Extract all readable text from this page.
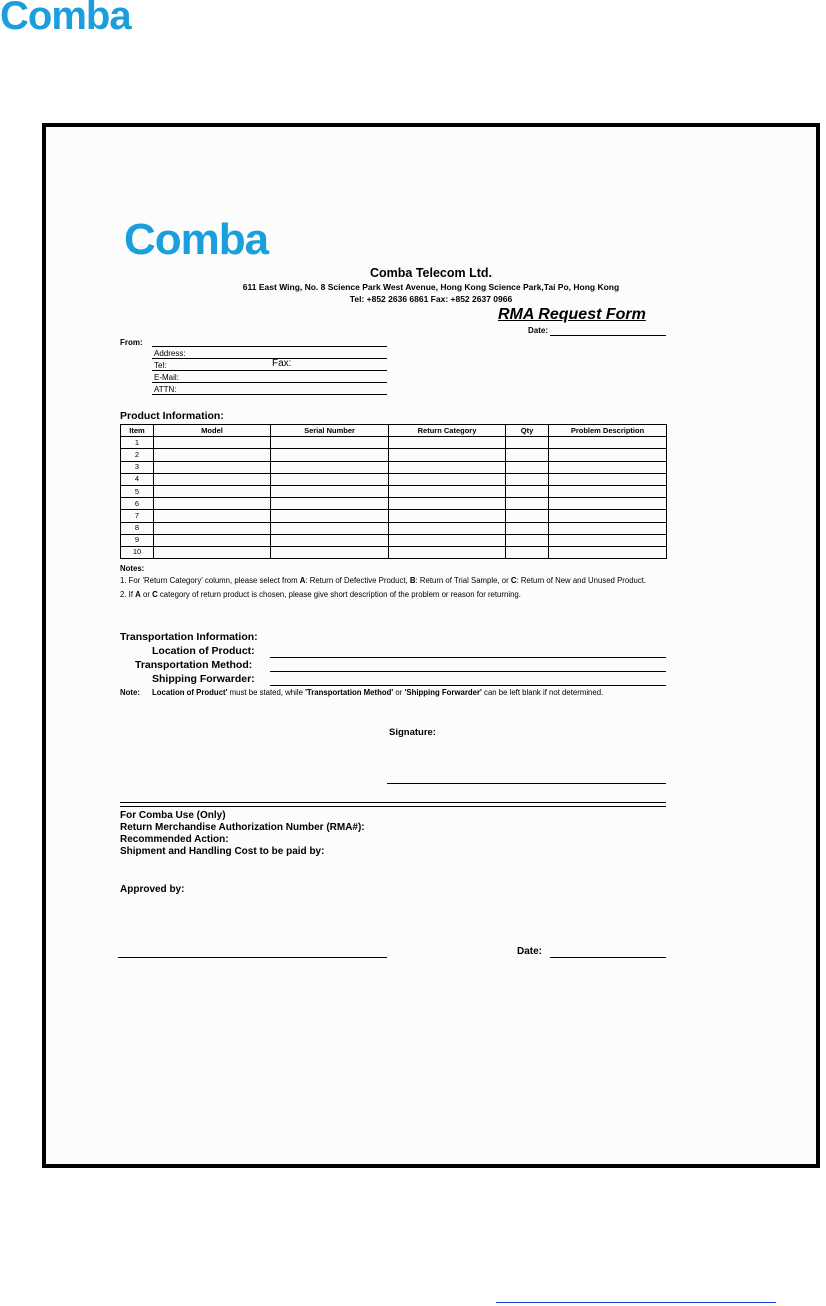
Comba
Comba
Comba Telecom Ltd.
611 East Wing, No. 8 Science Park West Avenue, Hong Kong Science Park,Tai Po, Hong Kong
Tel: +852 2636 6861 Fax: +852 2637 0966
RMA Request Form
Date:
From:
Address:
Tel:	Fax:
E-Mail:
ATTN:
Product Information:
Item	Model	Serial Number	Return Category	Qty	Problem Description
1					
2					
3					
4					
5					
6					
7					
8					
9					
10					
Notes:
1. For 'Return Category' column, please select from A: Return of Defective Product, B: Return of Trial Sample, or C: Return of New and Unused Product.
2. If A or C category of return product is chosen, please give short description of the problem or reason for returning.
Transportation Information:
Location of Product:
Transportation Method:
Shipping Forwarder:
Note: Location of Product' must be stated, while 'Transportation Method' or 'Shipping Forwarder' can be left blank if not determined.
Signature:
For Comba Use (Only)
Return Merchandise Authorization Number (RMA#):
Recommended Action:
Shipment and Handling Cost to be paid by:
Approved by:
Date:
